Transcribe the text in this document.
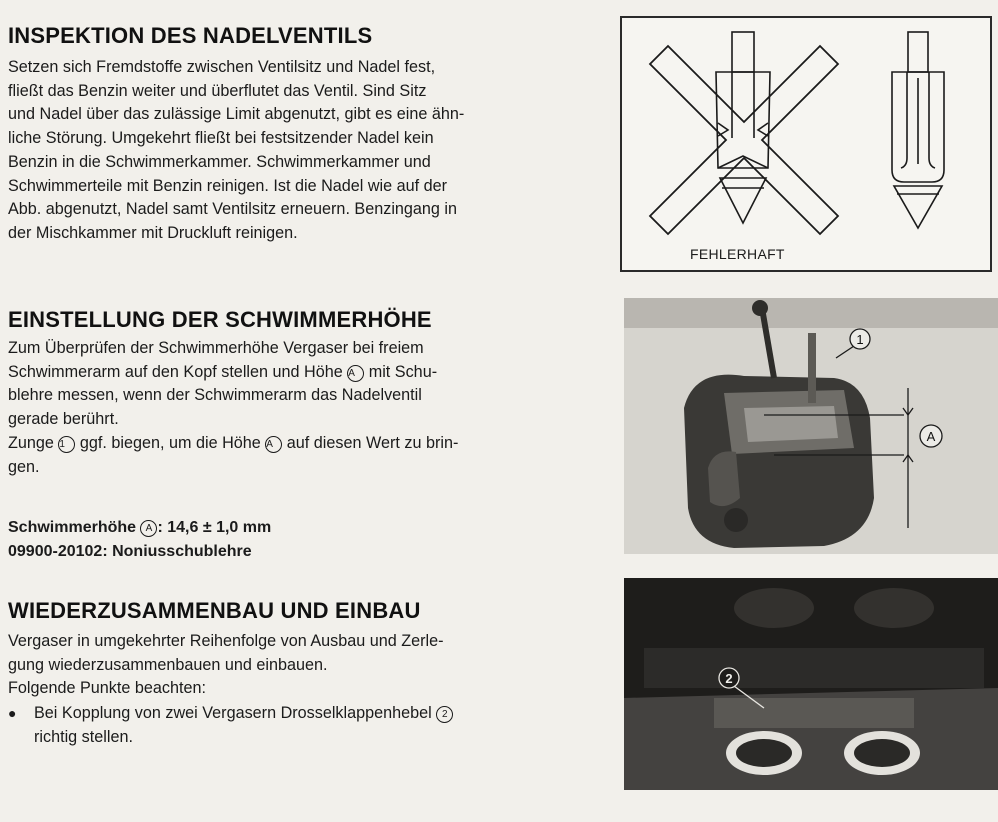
INSPEKTION DES NADELVENTILS

Setzen sich Fremdstoffe zwischen Ventilsitz und Nadel fest,

fließt das Benzin weiter und überflutet das Ventil. Sind Sitz

und Nadel über das zulässige Limit abgenutzt, gibt es eine ähn-

liche Störung. Umgekehrt fließt bei festsitzender Nadel kein

Benzin in die Schwimmerkammer. Schwimmerkammer und

Schwimmerteile mit Benzin reinigen. Ist die Nadel wie auf der

Abb. abgenutzt, Nadel samt Ventilsitz erneuern. Benzingang in

der Mischkammer mit Druckluft reinigen.

EINSTELLUNG DER SCHWIMMERHÖHE

Zum Überprüfen der Schwimmerhöhe Vergaser bei freiem

Schwimmerarm auf den Kopf stellen und Höhe A mit Schu-

blehre messen, wenn der Schwimmerarm das Nadelventil

gerade berührt.

Zunge 1 ggf. biegen, um die Höhe A auf diesen Wert zu brin-

gen.

Schwimmerhöhe A : 14,6 ± 1,0 mm
09900-20102: Noniusschublehre
WIEDERZUSAMMENBAU UND EINBAU

Vergaser in umgekehrter Reihenfolge von Ausbau und Zerle-

gung wiederzusammenbauen und einbauen.

Folgende Punkte beachten:

●	Bei Kopplung von zwei Vergasern Drosselklappenhebel 2
richtig stellen.
FEHLERHAFT
1
A
2
